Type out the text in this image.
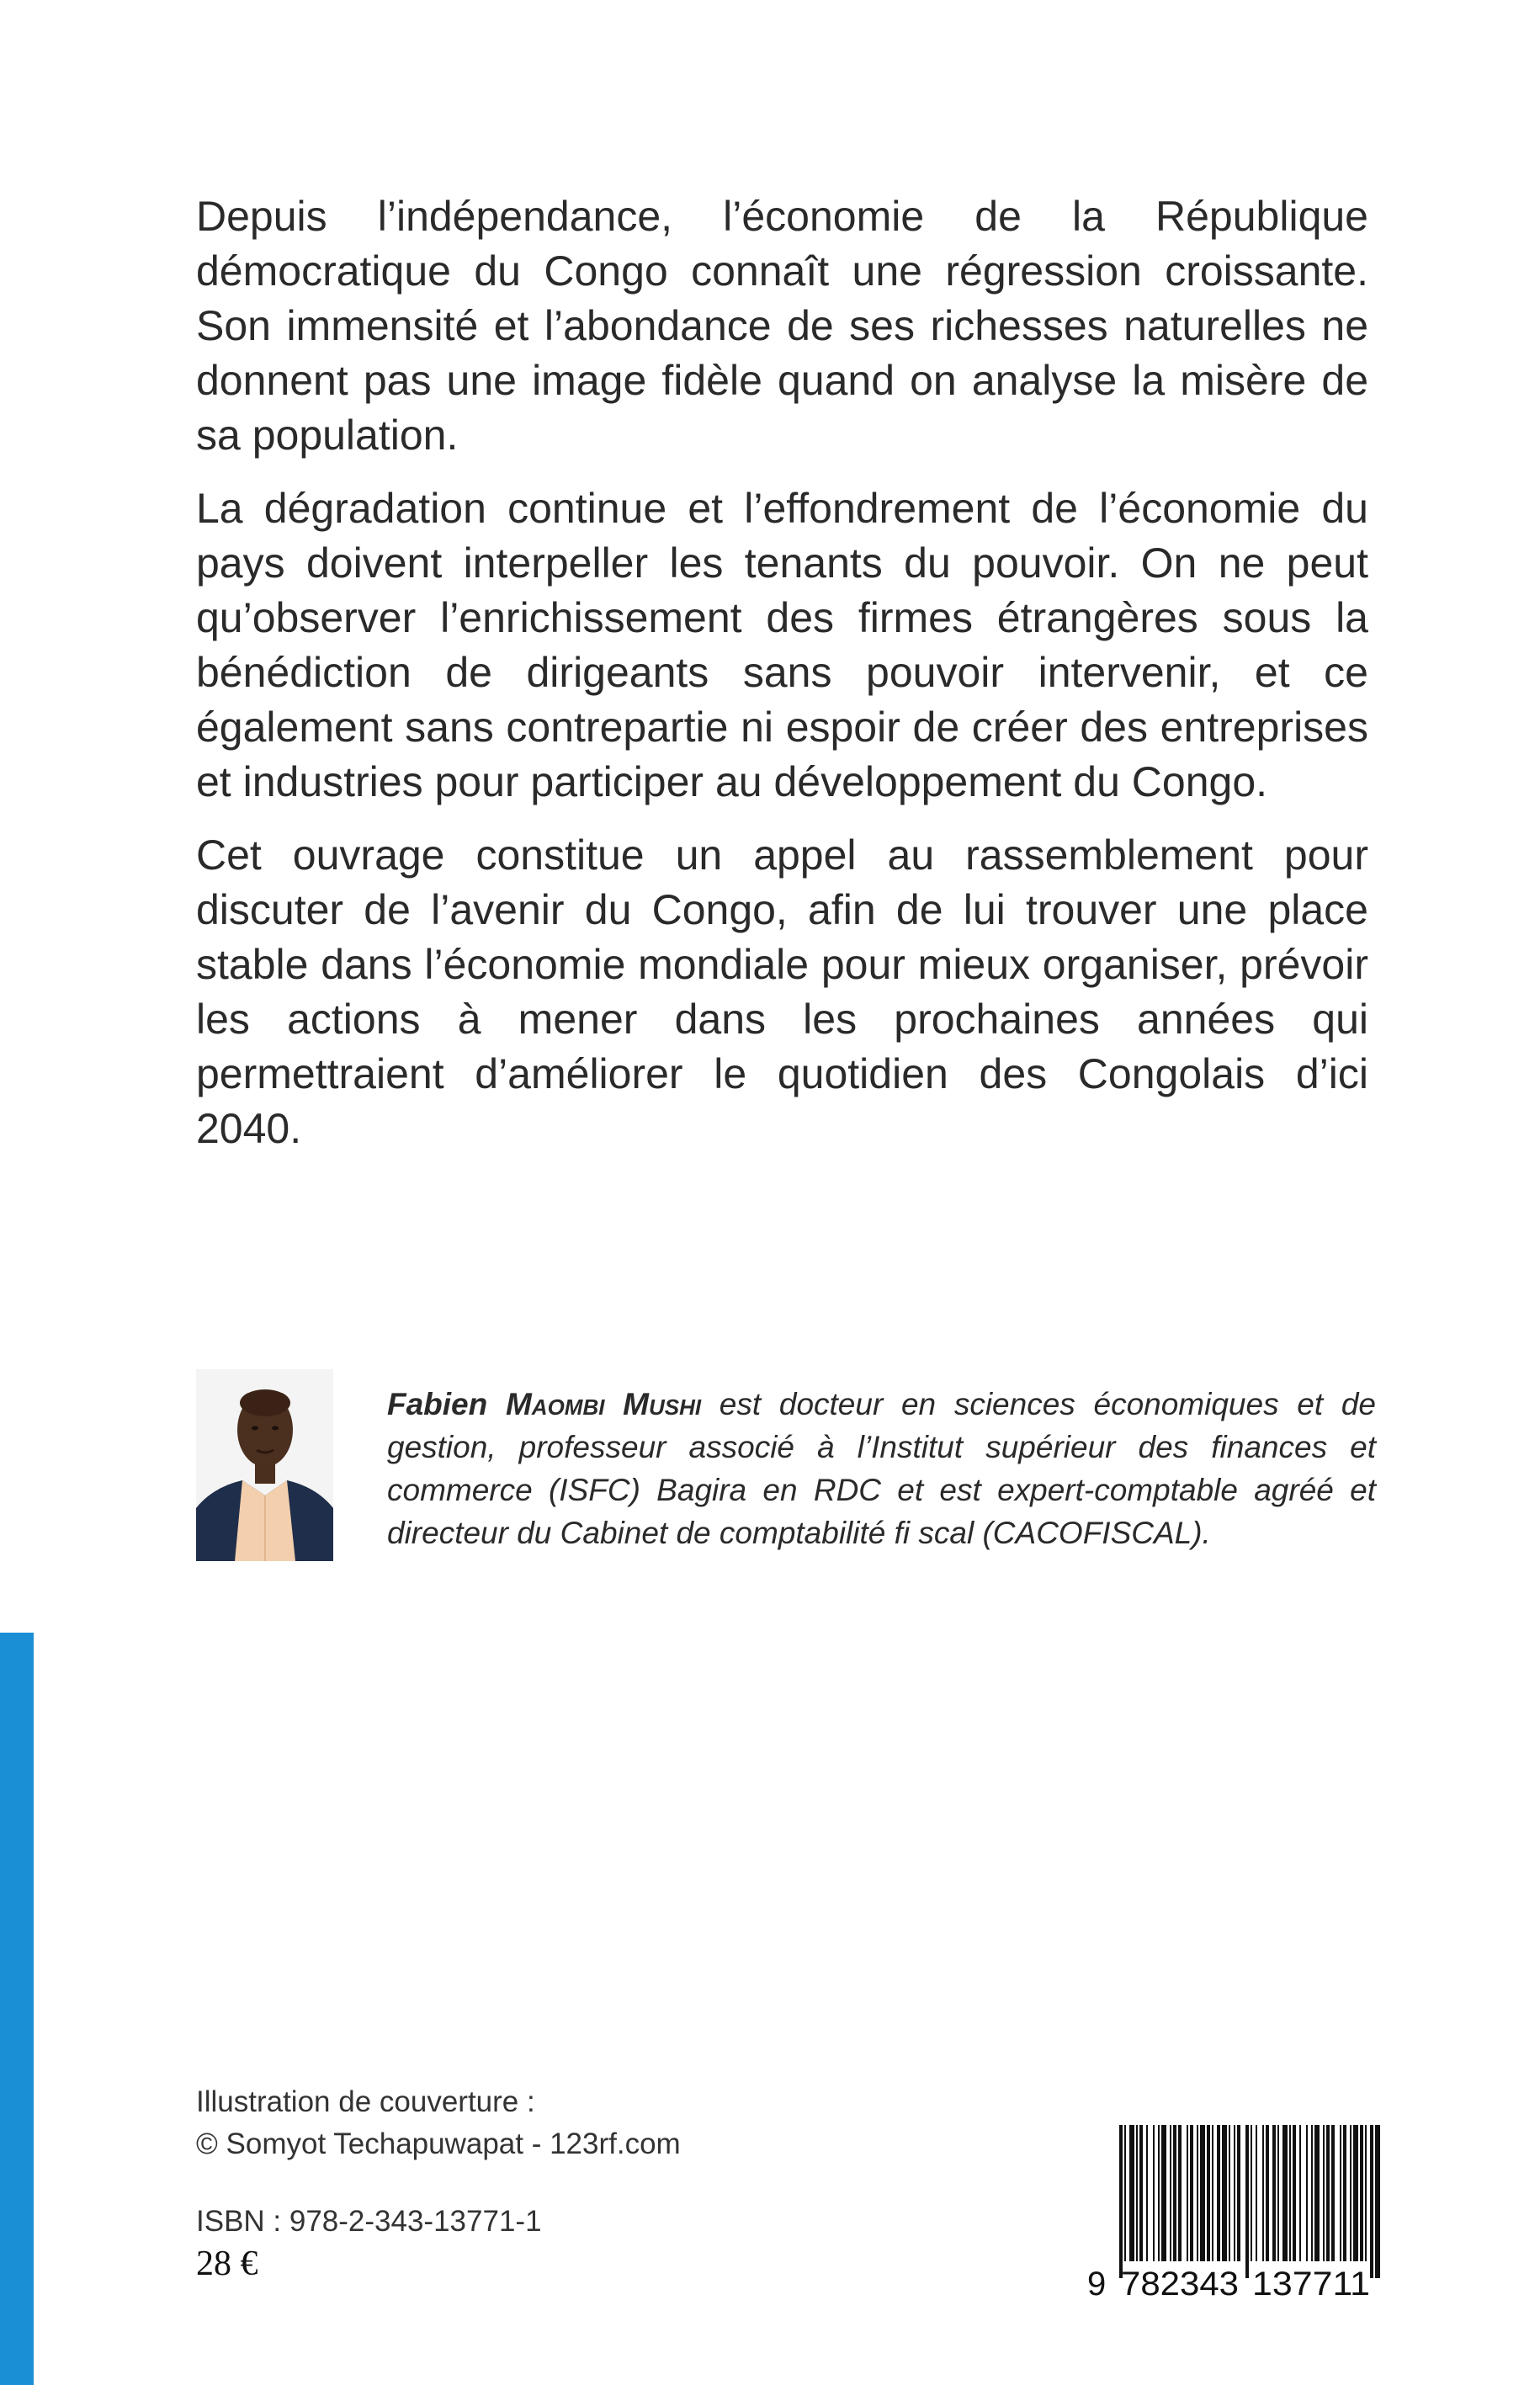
Depuis l’indépendance, l’économie de la République démocratique du Congo connaît une régression croissante. Son immensité et l’abondance de ses richesses naturelles ne donnent pas une image fidèle quand on analyse la misère de sa population.

La dégradation continue et l’effondrement de l’économie du pays doivent interpeller les tenants du pouvoir. On ne peut qu’observer l’enrichissement des firmes étrangères sous la bénédiction de dirigeants sans pouvoir intervenir, et ce également sans contrepartie ni espoir de créer des entreprises et industries pour participer au développement du Congo.

Cet ouvrage constitue un appel au rassemblement pour discuter de l’avenir du Congo, afin de lui trouver une place stable dans l’économie mondiale pour mieux organiser, prévoir les actions à mener dans les prochaines années qui permettraient d’améliorer le quotidien des Congolais d’ici 2040.

Fabien Maombi Mushi est docteur en sciences économiques et de gestion, professeur associé à l’Institut supérieur des finances et commerce (ISFC) Bagira en RDC et est expert-comptable agréé et directeur du Cabinet de comptabilité fi scal (CACOFISCAL).
Illustration de couverture :
© Somyot Techapuwapat - 123rf.com
ISBN : 978-2-343-13771-1
28 €
9 782343 137711
